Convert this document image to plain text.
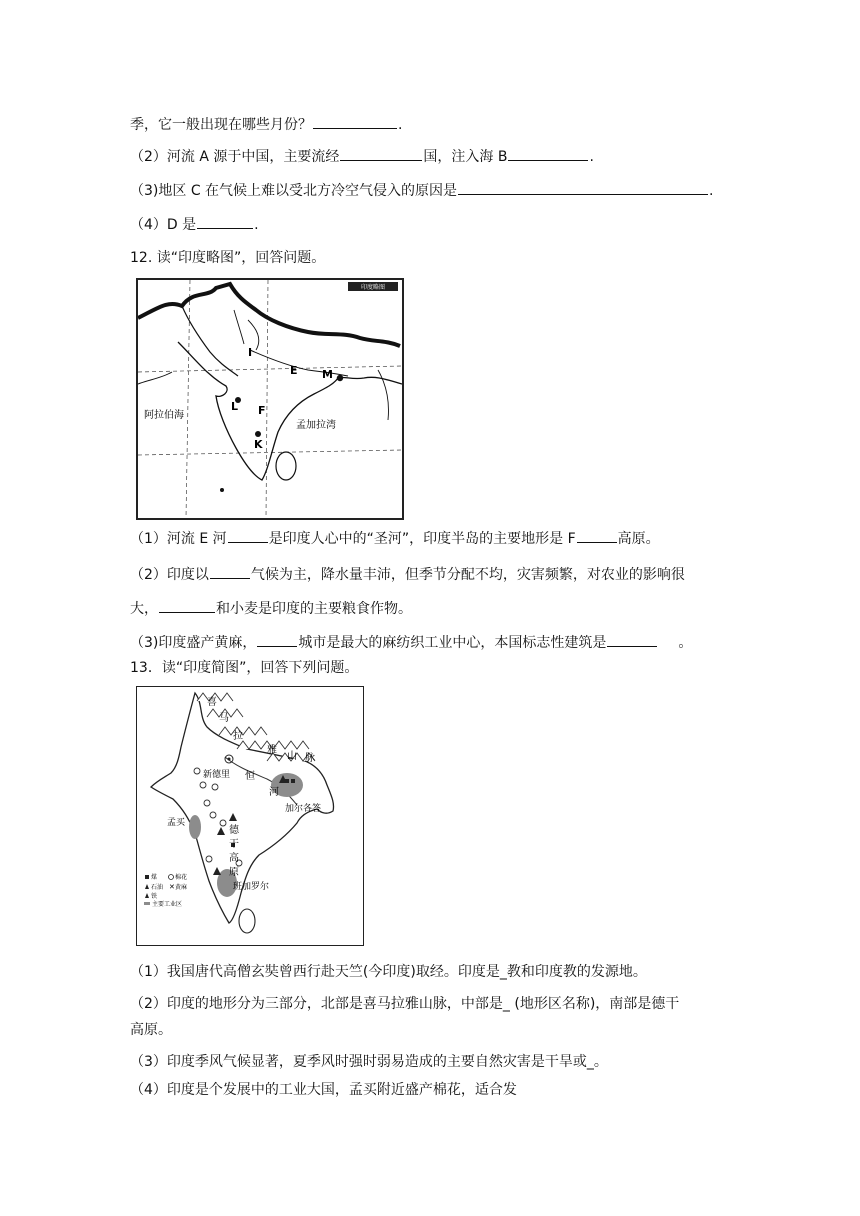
季，它一般出现在哪些月份？	.
（2）河流 A 源于中国，主要流经	国，注入海 B	.
（3)地区 C 在气候上难以受北方冷空气侵入的原因是	.
（4）D 是	.
12. 读“印度略图”，回答问题。
印度略图
I
E M
L F
K
阿拉伯海
孟加拉湾
（1）河流 E 河	是印度人心中的“圣河”，印度半岛的主要地形是 F	高原。
（2）印度以	气候为主，降水量丰沛，但季节分配不均，灾害频繁，对农业的影响很
大，	和小麦是印度的主要粮食作物。
（3)印度盛产黄麻，	城市是最大的麻纺织工业中心，本国标志性建筑是	。
13．读“印度简图”，回答下列问题。
喜
马
拉
雅
山 脉
新德里 恒
河
加尔各答
孟买
德
干
高
原
班加罗尔
煤	棉花
石油 ✕ 黄麻
铁
主要工业区
（1）我国唐代高僧玄奘曾西行赴天竺(今印度)取经。印度是_教和印度教的发源地。
（2）印度的地形分为三部分，北部是喜马拉雅山脉，中部是_ (地形区名称)，南部是德干
高原。
（3）印度季风气候显著，夏季风时强时弱易造成的主要自然灾害是干旱或_。
（4）印度是个发展中的工业大国，孟买附近盛产棉花，适合发
